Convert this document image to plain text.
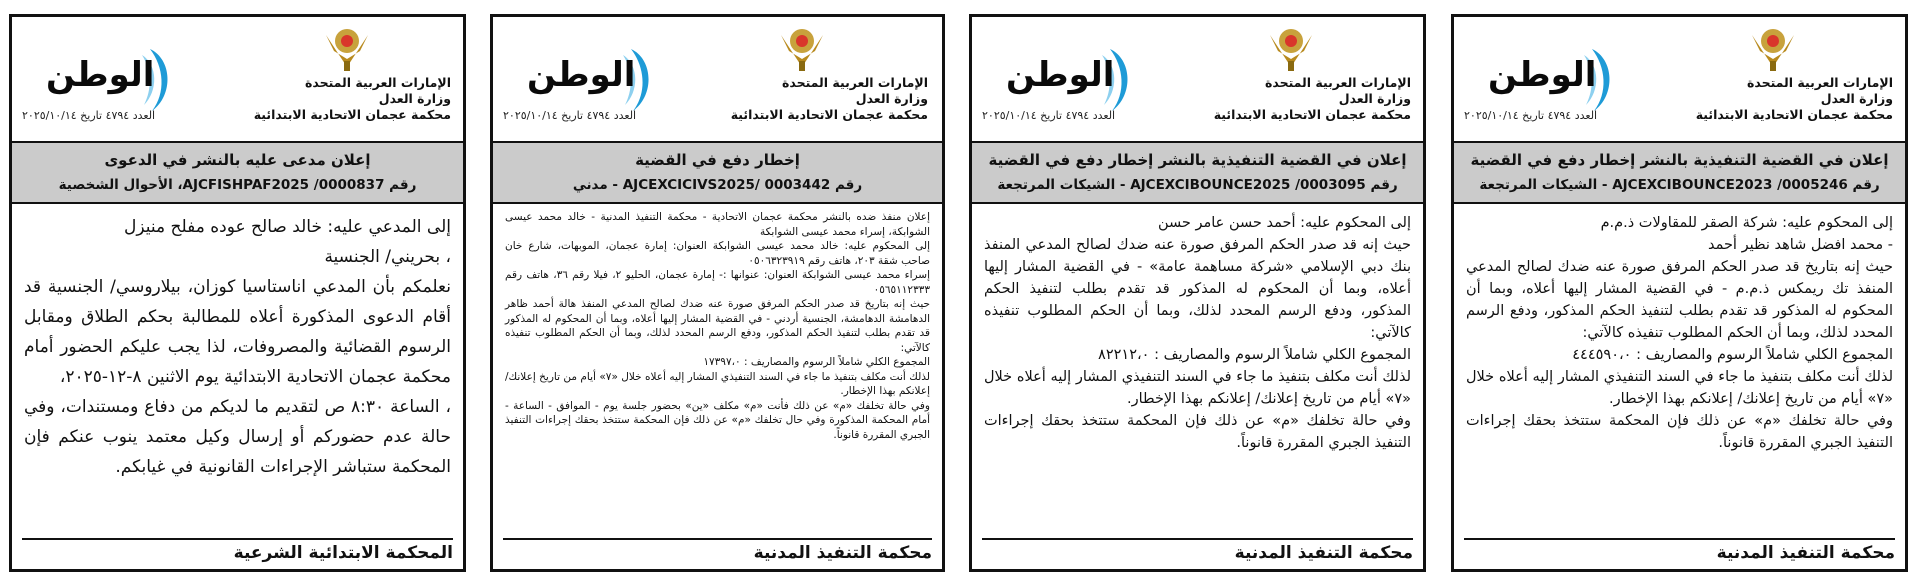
الوطن
العدد ٤٧٩٤ تاريخ ٢٠٢٥/١٠/١٤
الإمارات العربية المتحدة
وزارة العدل
محكمة عجمان الاتحادية الابتدائية
إعلان في القضية التنفيذية بالنشر إخطار دفع في القضية
رقم AJCEXCIBOUNCE2023 /0005246 - الشيكات المرتجعة

إلى المحكوم عليه: شركة الصقر للمقاولات ذ.م.م

- محمد افضل شاهد نظير أحمد

حيث إنه بتاريخ قد صدر الحكم المرفق صورة عنه ضدك لصالح المدعي المنفذ تك ريمكس ذ.م.م - في القضية المشار إليها أعلاه، وبما أن المحكوم له المذكور قد تقدم بطلب لتنفيذ الحكم المذكور، ودفع الرسم المحدد لذلك، وبما أن الحكم المطلوب تنفيذه كالآتي:

المجموع الكلي شاملاً الرسوم والمصاريف : ٤٤٤٥٩٠،٠

لذلك أنت مكلف بتنفيذ ما جاء في السند التنفيذي المشار إليه أعلاه خلال «٧» أيام من تاريخ إعلانك/ إعلانكم بهذا الإخطار.

وفي حالة تخلفك «م» عن ذلك فإن المحكمة ستتخذ بحقك إجراءات التنفيذ الجبري المقررة قانوناً.

محكمة التنفيذ المدنية
الوطن
العدد ٤٧٩٤ تاريخ ٢٠٢٥/١٠/١٤
الإمارات العربية المتحدة
وزارة العدل
محكمة عجمان الاتحادية الابتدائية
إعلان في القضية التنفيذية بالنشر إخطار دفع في القضية
رقم AJCEXCIBOUNCE2025 /0003095 - الشيكات المرتجعة

إلى المحكوم عليه: أحمد حسن عامر حسن

حيث إنه قد صدر الحكم المرفق صورة عنه ضدك لصالح المدعي المنفذ بنك دبي الإسلامي «شركة مساهمة عامة» - في القضية المشار إليها أعلاه، وبما أن المحكوم له المذكور قد تقدم بطلب لتنفيذ الحكم المذكور، ودفع الرسم المحدد لذلك، وبما أن الحكم المطلوب تنفيذه كالآتي:

المجموع الكلي شاملاً الرسوم والمصاريف : ٨٢٢١٢،٠

لذلك أنت مكلف بتنفيذ ما جاء في السند التنفيذي المشار إليه أعلاه خلال «٧» أيام من تاريخ إعلانك/ إعلانكم بهذا الإخطار.

وفي حالة تخلفك «م» عن ذلك فإن المحكمة ستتخذ بحقك إجراءات التنفيذ الجبري المقررة قانوناً.

محكمة التنفيذ المدنية
الوطن
العدد ٤٧٩٤ تاريخ ٢٠٢٥/١٠/١٤
الإمارات العربية المتحدة
وزارة العدل
محكمة عجمان الاتحادية الابتدائية
إخطار دفع في القضية
رقم AJCEXCICIVS2025/ 0003442 - مدني

إعلان منفذ ضده بالنشر محكمة عجمان الاتحادية - محكمة التنفيذ المدنية - خالد محمد عيسى الشوابكة، إسراء محمد عيسى الشوابكة

إلى المحكوم عليه: خالد محمد عيسى الشوابكة العنوان: إمارة عجمان، الموبهات، شارع خان صاحب شقة ٢٠٣، هاتف رقم ٠٥٠٦٣٢٣٩١٩

إسراء محمد عيسى الشوابكة العنوان: عنوانها :- إمارة عجمان، الحليو ٢، فيلا رقم ٣٦، هاتف رقم ٠٥٦٥١١٢٣٣٣

حيث إنه بتاريخ قد صدر الحكم المرفق صورة عنه ضدك لصالح المدعي المنفذ هالة أحمد ظاهر الدهامشة الدهامشة، الجنسية أردني - في القضية المشار إليها أعلاه، وبما أن المحكوم له المذكور قد تقدم بطلب لتنفيذ الحكم المذكور، ودفع الرسم المحدد لذلك، وبما أن الحكم المطلوب تنفيذه كالآتي:

المجموع الكلي شاملاً الرسوم والمصاريف : ١٧٣٩٧،٠

لذلك أنت مكلف بتنفيذ ما جاء في السند التنفيذي المشار إليه أعلاه خلال «٧» أيام من تاريخ إعلانك/ إعلانكم بهذا الإخطار.

وفي حالة تخلفك «م» عن ذلك فأنت «م» مكلف «ين» بحضور جلسة يوم - الموافق - الساعة - أمام المحكمة المذكورة وفي حال تخلفك «م» عن ذلك فإن المحكمة ستتخذ بحقك إجراءات التنفيذ الجبري المقررة قانوناً.

محكمة التنفيذ المدنية
الوطن
العدد ٤٧٩٤ تاريخ ٢٠٢٥/١٠/١٤
الإمارات العربية المتحدة
وزارة العدل
محكمة عجمان الاتحادية الابتدائية
إعلان مدعى عليه بالنشر في الدعوى
رقم AJCFISHPAF2025 /0000837، الأحوال الشخصية

إلى المدعي عليه: خالد صالح عوده مفلح منيزل

، بحريني/ الجنسية

نعلمكم بأن المدعي اناستاسيا كوزان، بيلاروسي/ الجنسية قد أقام الدعوى المذكورة أعلاه للمطالبة بحكم الطلاق ومقابل الرسوم القضائية والمصروفات، لذا يجب عليكم الحضور أمام محكمة عجمان الاتحادية الابتدائية يوم الاثنين ٨-١٢-٢٠٢٥،

، الساعة ٨:٣٠ ص لتقديم ما لديكم من دفاع ومستندات، وفي حالة عدم حضوركم أو إرسال وكيل معتمد ينوب عنكم فإن المحكمة ستباشر الإجراءات القانونية في غيابكم.

المحكمة الابتدائية الشرعية
